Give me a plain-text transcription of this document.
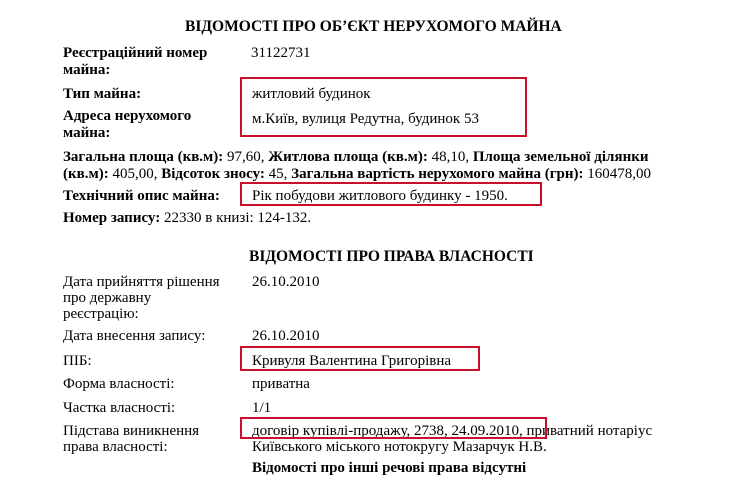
ВІДОМОСТІ ПРО ОБ’ЄКТ НЕРУХОМОГО МАЙНА
Реєстраційний номер
майна:
31122731
Тип майна:	житловий будинок
Адреса нерухомого
майна:
м.Київ, вулиця Редутна, будинок 53
Загальна площа (кв.м): 97,60, Житлова площа (кв.м): 48,10, Площа земельної ділянки
(кв.м): 405,00, Відсоток зносу: 45, Загальна вартість нерухомого майна (грн): 160478,00
Технічний опис майна: Рік побудови житлового будинку - 1950.
Номер запису: 22330 в книзі: 124-132.
ВІДОМОСТІ ПРО ПРАВА ВЛАСНОСТІ
Дата прийняття рішення
про державну
реєстрацію:
26.10.2010
Дата внесення запису:	26.10.2010
ПІБ:	Кривуля Валентина Григорівна
Форма власності:	приватна
Частка власності:	1/1
Підстава виникнення
права власності:
договір купівлі-продажу, 2738, 24.09.2010, приватний нотаріус
Київського міського нотокругу Мазарчук Н.В.
Відомості про інші речові права відсутні
